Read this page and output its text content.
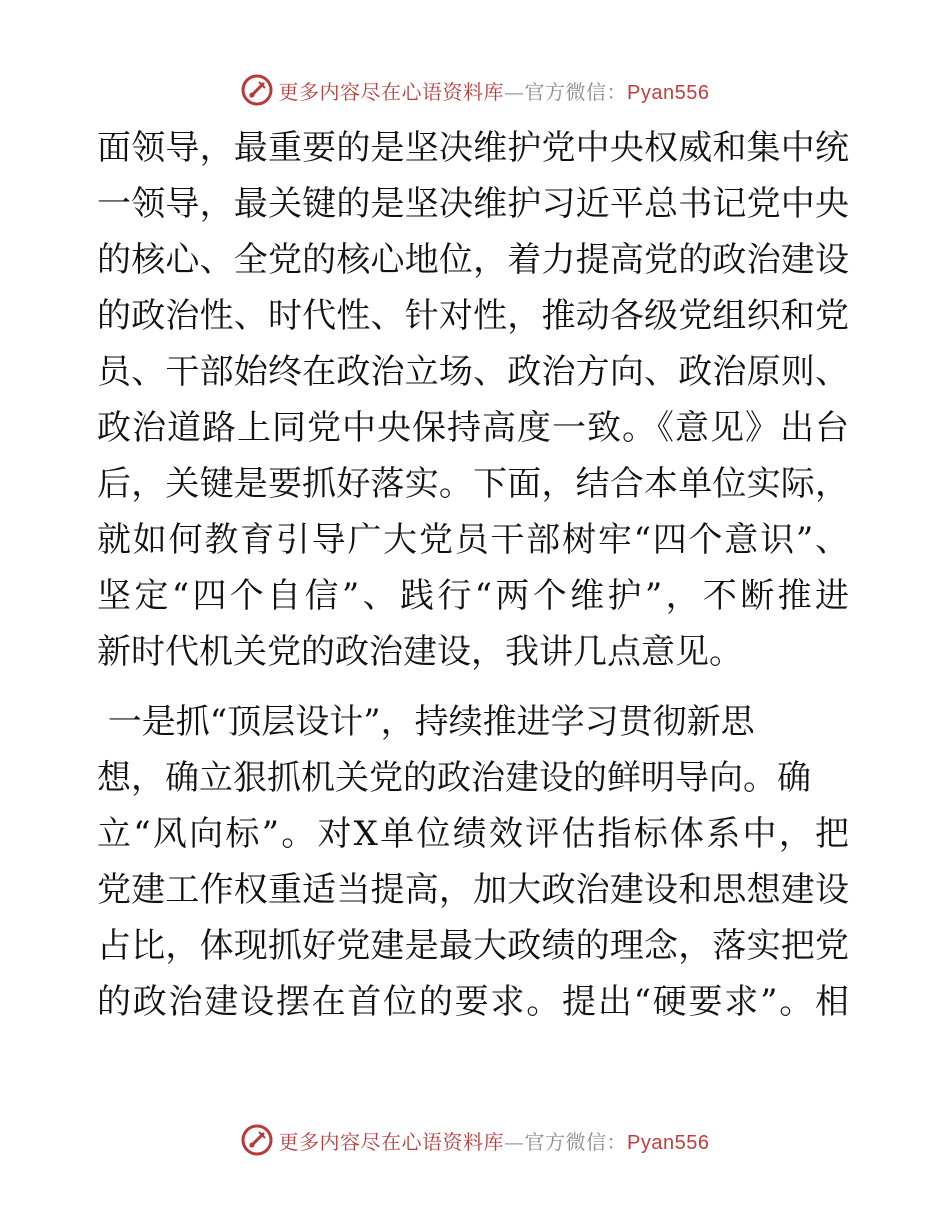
更多内容尽在心语资料库—官方微信：Pyan556
面领导，最重要的是坚决维护党中央权威和集中统
一领导，最关键的是坚决维护习近平总书记党中央
的核心、全党的核心地位，着力提高党的政治建设
的政治性、时代性、针对性，推动各级党组织和党
员、干部始终在政治立场、政治方向、政治原则、
政治道路上同党中央保持高度一致。《意见》出台
后，关键是要抓好落实。下面，结合本单位实际，
就如何教育引导广大党员干部树牢“四个意识”、
坚定“四个自信”、践行“两个维护”，不断推进
新时代机关党的政治建设，我讲几点意见。
一是抓“顶层设计”，持续推进学习贯彻新思
想，确立狠抓机关党的政治建设的鲜明导向。确
立“风向标”。对X单位绩效评估指标体系中，把
党建工作权重适当提高，加大政治建设和思想建设
占比，体现抓好党建是最大政绩的理念，落实把党
的政治建设摆在首位的要求。提出“硬要求”。相
更多内容尽在心语资料库—官方微信：Pyan556
